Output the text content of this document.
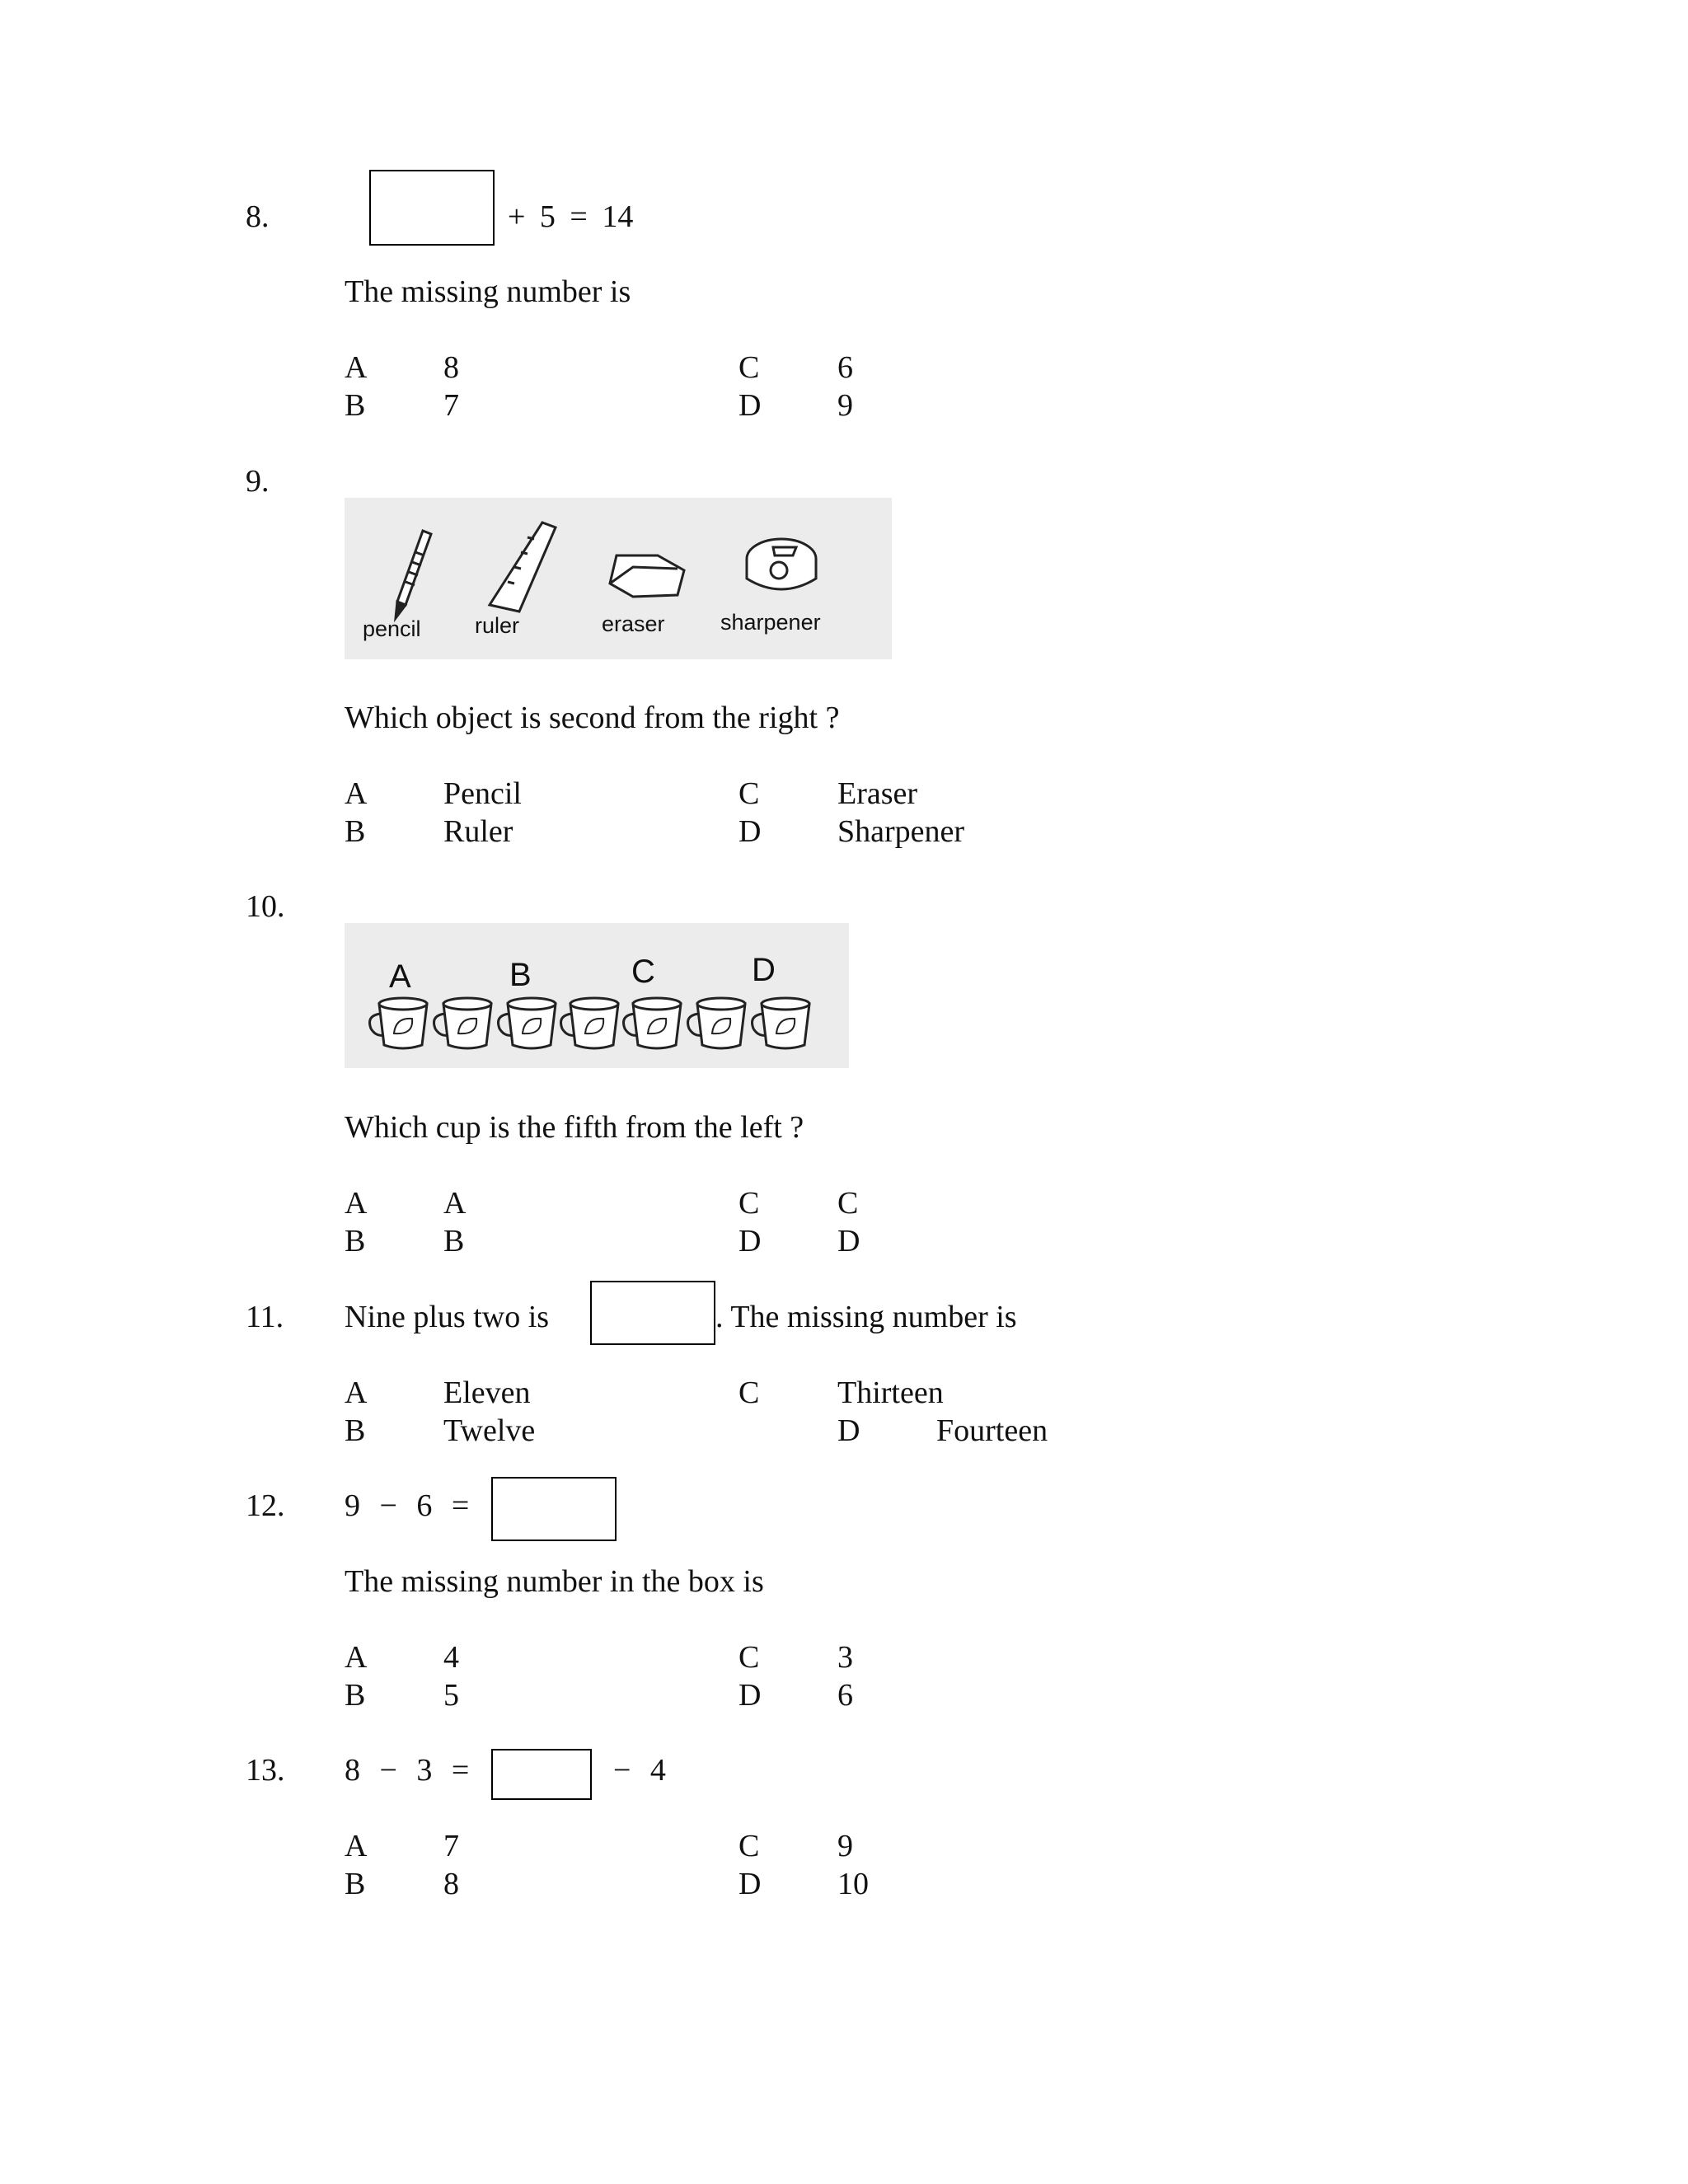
8.	+ 5 = 14
The missing number is
A 8
B 7
C 6
D 9
9.
pencil ruler	eraser sharpener
Which object is second from the right ?
A Pencil
B Ruler
C Eraser
D Sharpener
10.
A	B	C	D
Which cup is the fifth from the left ?
A A
B B
C C
D D
11. Nine plus two is	. The missing number is
A Eleven
B Twelve
C Thirteen
D Fourteen
12. 9 − 6 =
The missing number in the box is
A 4
B 5
C 3
D 6
13. 8 − 3 =	− 4
A 7
B 8
C 9
D 10
